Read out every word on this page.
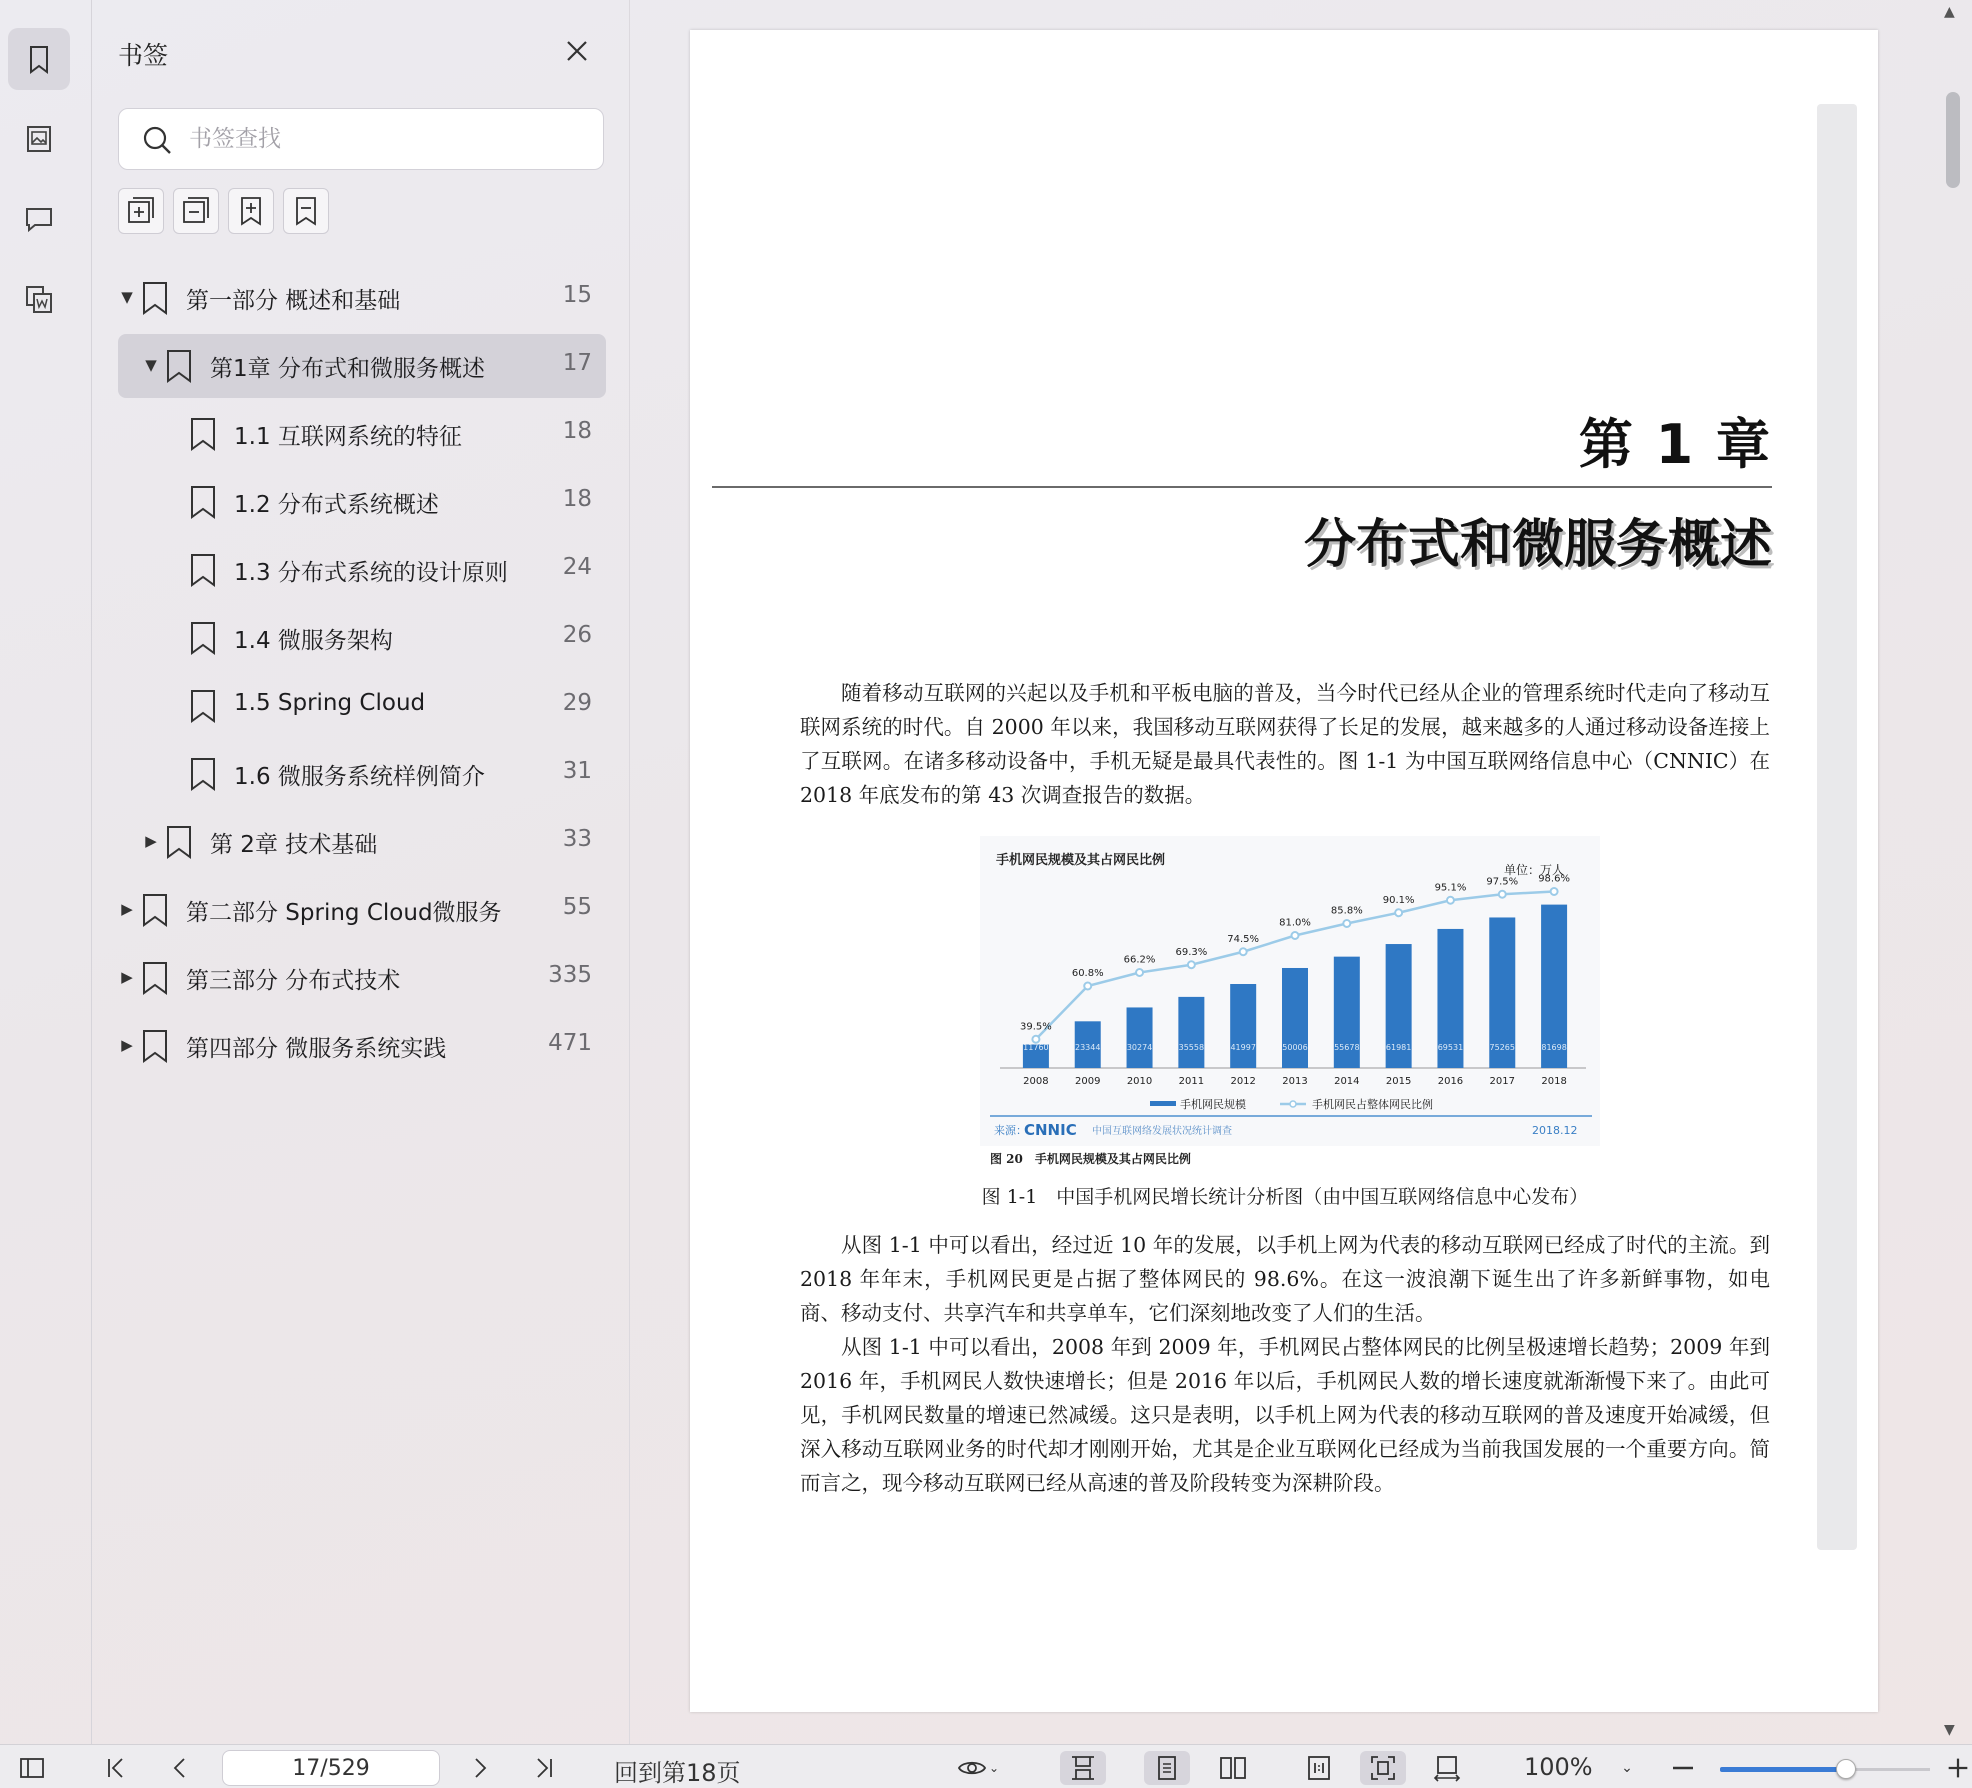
书签
书签查找
▼ 第一部分 概述和基础	15
▼ 第1章 分布式和微服务概述	17
1.1 互联网系统的特征	18
1.2 分布式系统概述	18
1.3 分布式系统的设计原则 24
1.4 微服务架构	26
1.5 Spring Cloud	29
1.6 微服务系统样例简介	31
▶ 第 2章 技术基础	33
▶ 第二部分 Spring Cloud微服务	55
▶ 第三部分 分布式技术	335
▶ 第四部分 微服务系统实践	471
第 1 章
分布式和微服务概述
随着移动互联网的兴起以及手机和平板电脑的普及，当今时代已经从企业的管理系统时代走向了移动互联网系统的时代。自 2000 年以来，我国移动互联网获得了长足的发展，越来越多的人通过移动设备连接上了互联网。在诸多移动设备中，手机无疑是最具代表性的。图 1-1 为中国互联网络信息中心（CNNIC）在 2018 年底发布的第 43 次调查报告的数据。
手机网民规模及其占网民比例
单位：万人
11760	23344	30274	35558	41997	50006	55678	61981	69531	75265	81698
39.5%
60.8%
66.2%
69.3%
74.5%
81.0%
85.8%
90.1%
95.1%
97.5% 98.6%
2008	2009	2010	2011	2012	2013	2014	2015	2016	2017	2018
手机网民规模	手机网民占整体网民比例
来源：
CNNIC 中国互联网络发展状况统计调查	2018.12
图 20　手机网民规模及其占网民比例
图 1-1　中国手机网民增长统计分析图（由中国互联网络信息中心发布）
从图 1-1 中可以看出，经过近 10 年的发展，以手机上网为代表的移动互联网已经成了时代的主流。到 2018 年年末，手机网民更是占据了整体网民的 98.6%。在这一波浪潮下诞生出了许多新鲜事物，如电商、移动支付、共享汽车和共享单车，它们深刻地改变了人们的生活。
从图 1-1 中可以看出，2008 年到 2009 年，手机网民占整体网民的比例呈极速增长趋势；2009 年到 2016 年，手机网民人数快速增长；但是 2016 年以后，手机网民人数的增长速度就渐渐慢下来了。由此可见，手机网民数量的增速已然减缓。这只是表明，以手机上网为代表的移动互联网的普及速度开始减缓，但深入移动互联网业务的时代却才刚刚开始，尤其是企业互联网化已经成为当前我国发展的一个重要方向。简而言之，现今移动互联网已经从高速的普及阶段转变为深耕阶段。
▲
▼
17/529
回到第18页	⌄	100%	⌄
